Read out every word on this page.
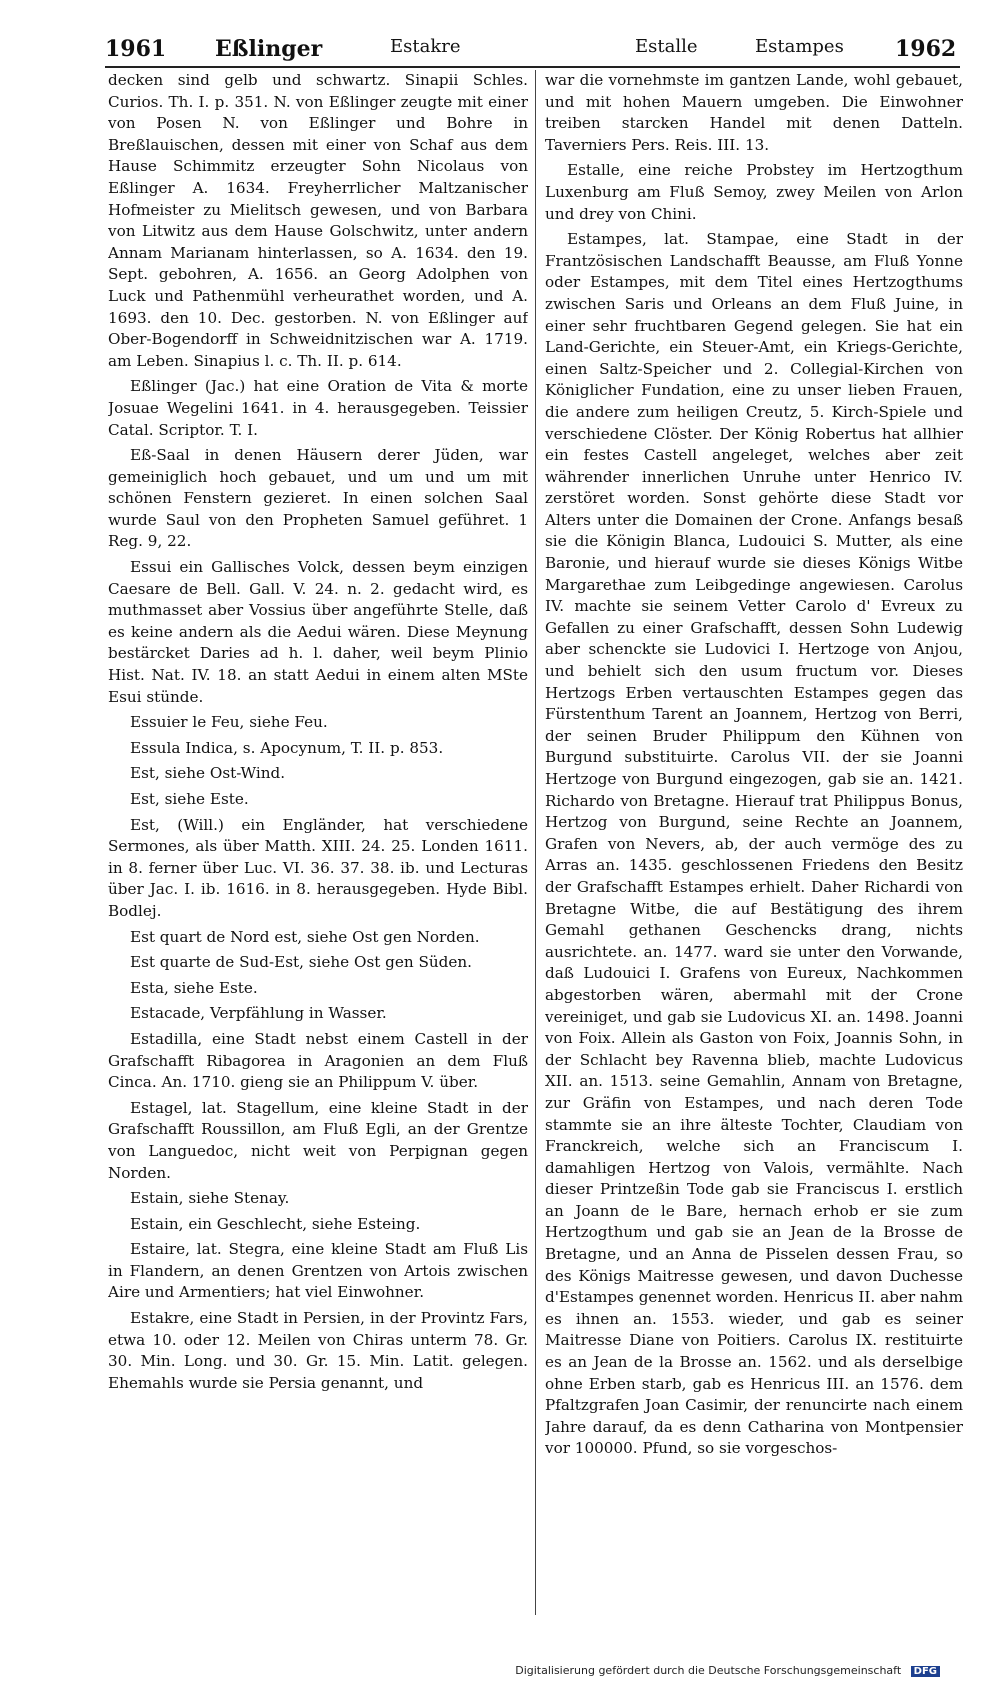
1961 Eßlinger	Estakre	Estalle	Estampes 1962

decken sind gelb und schwartz. Sinapii Schles. Curios. Th. I. p. 351. N. von Eßlinger zeugte mit einer von Posen N. von Eßlinger und Bohre in Breßlauischen, dessen mit einer von Schaf aus dem Hause Schimmitz erzeugter Sohn Nicolaus von Eßlinger A. 1634. Freyherrlicher Maltzanischer Hofmeister zu Mielitsch gewesen, und von Barbara von Litwitz aus dem Hause Golschwitz, unter andern Annam Marianam hinterlassen, so A. 1634. den 19. Sept. gebohren, A. 1656. an Georg Adolphen von Luck und Pathenmühl verheurathet worden, und A. 1693. den 10. Dec. gestorben. N. von Eßlinger auf Ober-Bogendorff in Schweidnitzischen war A. 1719. am Leben. Sinapius l. c. Th. II. p. 614.

Eßlinger (Jac.) hat eine Oration de Vita & morte Josuae Wegelini 1641. in 4. herausgegeben. Teissier Catal. Scriptor. T. I.

Eß-Saal in denen Häusern derer Jüden, war gemeiniglich hoch gebauet, und um und um mit schönen Fenstern gezieret. In einen solchen Saal wurde Saul von den Propheten Samuel geführet. 1 Reg. 9, 22.

Essui ein Gallisches Volck, dessen beym einzigen Caesare de Bell. Gall. V. 24. n. 2. gedacht wird, es muthmasset aber Vossius über angeführte Stelle, daß es keine andern als die Aedui wären. Diese Meynung bestärcket Daries ad h. l. daher, weil beym Plinio Hist. Nat. IV. 18. an statt Aedui in einem alten MSte Esui stünde.

Essuier le Feu, siehe Feu.

Essula Indica, s. Apocynum, T. II. p. 853.

Est, siehe Ost-Wind.

Est, siehe Este.

Est, (Will.) ein Engländer, hat verschiedene Sermones, als über Matth. XIII. 24. 25. Londen 1611. in 8. ferner über Luc. VI. 36. 37. 38. ib. und Lecturas über Jac. I. ib. 1616. in 8. herausgegeben. Hyde Bibl. Bodlej.

Est quart de Nord est, siehe Ost gen Norden.

Est quarte de Sud-Est, siehe Ost gen Süden.

Esta, siehe Este.

Estacade, Verpfählung in Wasser.

Estadilla, eine Stadt nebst einem Castell in der Grafschafft Ribagorea in Aragonien an dem Fluß Cinca. An. 1710. gieng sie an Philippum V. über.

Estagel, lat. Stagellum, eine kleine Stadt in der Grafschafft Roussillon, am Fluß Egli, an der Grentze von Languedoc, nicht weit von Perpignan gegen Norden.

Estain, siehe Stenay.

Estain, ein Geschlecht, siehe Esteing.

Estaire, lat. Stegra, eine kleine Stadt am Fluß Lis in Flandern, an denen Grentzen von Artois zwischen Aire und Armentiers; hat viel Einwohner.

Estakre, eine Stadt in Persien, in der Provintz Fars, etwa 10. oder 12. Meilen von Chiras unterm 78. Gr. 30. Min. Long. und 30. Gr. 15. Min. Latit. gelegen. Ehemahls wurde sie Persia genannt, und

war die vornehmste im gantzen Lande, wohl gebauet, und mit hohen Mauern umgeben. Die Einwohner treiben starcken Handel mit denen Datteln. Taverniers Pers. Reis. III. 13.

Estalle, eine reiche Probstey im Hertzogthum Luxenburg am Fluß Semoy, zwey Meilen von Arlon und drey von Chini.

Estampes, lat. Stampae, eine Stadt in der Frantzösischen Landschafft Beausse, am Fluß Yonne oder Estampes, mit dem Titel eines Hertzogthums zwischen Saris und Orleans an dem Fluß Juine, in einer sehr fruchtbaren Gegend gelegen. Sie hat ein Land-Gerichte, ein Steuer-Amt, ein Kriegs-Gerichte, einen Saltz-Speicher und 2. Collegial-Kirchen von Königlicher Fundation, eine zu unser lieben Frauen, die andere zum heiligen Creutz, 5. Kirch-Spiele und verschiedene Clöster. Der König Robertus hat allhier ein festes Castell angeleget, welches aber zeit währender innerlichen Unruhe unter Henrico IV. zerstöret worden. Sonst gehörte diese Stadt vor Alters unter die Domainen der Crone. Anfangs besaß sie die Königin Blanca, Ludouici S. Mutter, als eine Baronie, und hierauf wurde sie dieses Königs Witbe Margarethae zum Leibgedinge angewiesen. Carolus IV. machte sie seinem Vetter Carolo d' Evreux zu Gefallen zu einer Grafschafft, dessen Sohn Ludewig aber schenckte sie Ludovici I. Hertzoge von Anjou, und behielt sich den usum fructum vor. Dieses Hertzogs Erben vertauschten Estampes gegen das Fürstenthum Tarent an Joannem, Hertzog von Berri, der seinen Bruder Philippum den Kühnen von Burgund substituirte. Carolus VII. der sie Joanni Hertzoge von Burgund eingezogen, gab sie an. 1421. Richardo von Bretagne. Hierauf trat Philippus Bonus, Hertzog von Burgund, seine Rechte an Joannem, Grafen von Nevers, ab, der auch vermöge des zu Arras an. 1435. geschlossenen Friedens den Besitz der Grafschafft Estampes erhielt. Daher Richardi von Bretagne Witbe, die auf Bestätigung des ihrem Gemahl gethanen Geschencks drang, nichts ausrichtete. an. 1477. ward sie unter den Vorwande, daß Ludouici I. Grafens von Eureux, Nachkommen abgestorben wären, abermahl mit der Crone vereiniget, und gab sie Ludovicus XI. an. 1498. Joanni von Foix. Allein als Gaston von Foix, Joannis Sohn, in der Schlacht bey Ravenna blieb, machte Ludovicus XII. an. 1513. seine Gemahlin, Annam von Bretagne, zur Gräfin von Estampes, und nach deren Tode stammte sie an ihre älteste Tochter, Claudiam von Franckreich, welche sich an Franciscum I. damahligen Hertzog von Valois, vermählte. Nach dieser Printzeßin Tode gab sie Franciscus I. erstlich an Joann de le Bare, hernach erhob er sie zum Hertzogthum und gab sie an Jean de la Brosse de Bretagne, und an Anna de Pisselen dessen Frau, so des Königs Maitresse gewesen, und davon Duchesse d'Estampes genennet worden. Henricus II. aber nahm es ihnen an. 1553. wieder, und gab es seiner Maitresse Diane von Poitiers. Carolus IX. restituirte es an Jean de la Brosse an. 1562. und als derselbige ohne Erben starb, gab es Henricus III. an 1576. dem Pfaltzgrafen Joan Casimir, der renuncirte nach einem Jahre darauf, da es denn Catharina von Montpensier vor 100000. Pfund, so sie vorgeschos-

Digitalisierung gefördert durch die Deutsche Forschungsgemeinschaft DFG
